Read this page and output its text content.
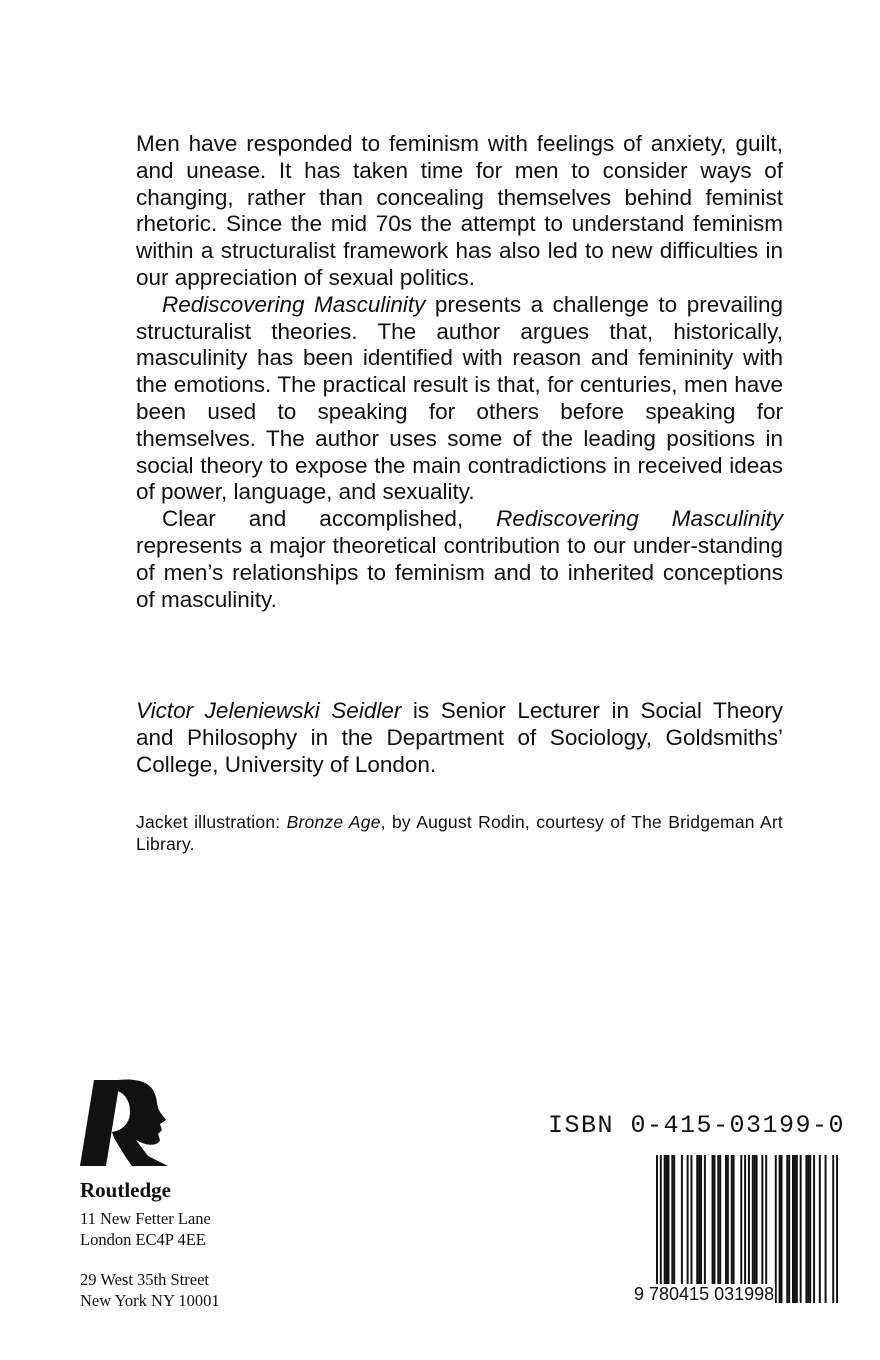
Men have responded to feminism with feelings of anxiety, guilt, and unease. It has taken time for men to consider ways of changing, rather than concealing themselves behind feminist rhetoric. Since the mid 70s the attempt to understand feminism within a structuralist framework has also led to new difficulties in our appreciation of sexual politics.

Rediscovering Masculinity presents a challenge to prevailing structuralist theories. The author argues that, historically, masculinity has been identified with reason and femininity with the emotions. The practical result is that, for centuries, men have been used to speaking for others before speaking for themselves. The author uses some of the leading positions in social theory to expose the main contradictions in received ideas of power, language, and sexuality.

Clear and accomplished, Rediscovering Masculinity represents a major theoretical contribution to our under-standing of men’s relationships to feminism and to inherited conceptions of masculinity.

Victor Jeleniewski Seidler is Senior Lecturer in Social Theory and Philosophy in the Department of Sociology, Goldsmiths’ College, University of London.

Jacket illustration: Bronze Age, by August Rodin, courtesy of The Bridgeman Art Library.

Routledge

11 New Fetter Lane

London EC4P 4EE

29 West 35th Street

New York NY 10001

ISBN 0-415-03199-0

9 780415 031998
